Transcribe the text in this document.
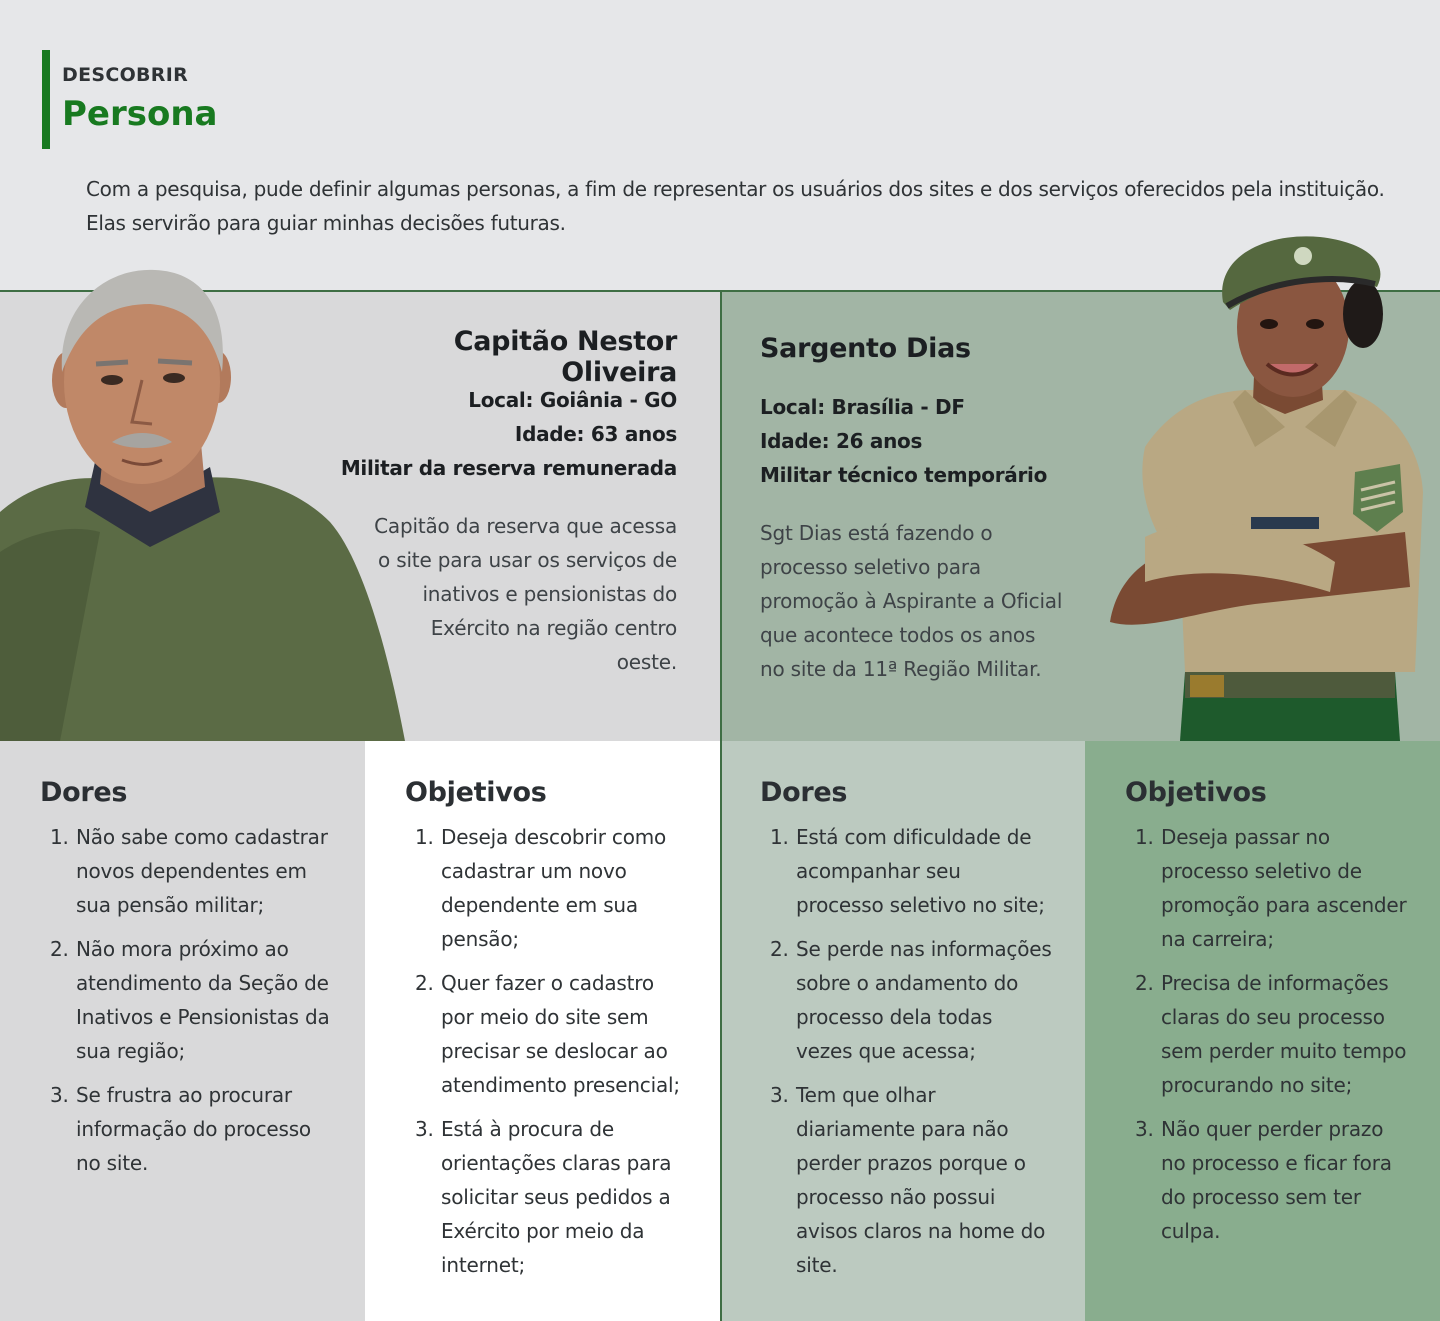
DESCOBRIR
Persona

Com a pesquisa, pude definir algumas personas, a fim de representar os usuários dos sites e dos serviços oferecidos pela instituição.

Elas servirão para guiar minhas decisões futuras.

Capitão Nestor Oliveira
Local: Goiânia - GO
Idade: 63 anos
Militar da reserva remunerada
Capitão da reserva que acessa
o site para usar os serviços de
inativos e pensionistas do
Exército na região centro
oeste.
Sargento Dias
Local: Brasília - DF
Idade: 26 anos
Militar técnico temporário
Sgt Dias está fazendo o
processo seletivo para
promoção à Aspirante a Oficial
que acontece todos os anos
no site da 11ª Região Militar.
Dores
1. Não sabe como cadastrar
novos dependentes em
sua pensão militar;
2. Não mora próximo ao
atendimento da Seção de
Inativos e Pensionistas da
sua região;
3. Se frustra ao procurar
informação do processo
no site.
Objetivos
1. Deseja descobrir como
cadastrar um novo
dependente em sua
pensão;
2. Quer fazer o cadastro
por meio do site sem
precisar se deslocar ao
atendimento presencial;
3. Está à procura de
orientações claras para
solicitar seus pedidos a
Exército por meio da
internet;
Dores
1. Está com dificuldade de
acompanhar seu
processo seletivo no site;
2. Se perde nas informações
sobre o andamento do
processo dela todas
vezes que acessa;
3. Tem que olhar
diariamente para não
perder prazos porque o
processo não possui
avisos claros na home do
site.
Objetivos
1. Deseja passar no
processo seletivo de
promoção para ascender
na carreira;
2. Precisa de informações
claras do seu processo
sem perder muito tempo
procurando no site;
3. Não quer perder prazo
no processo e ficar fora
do processo sem ter
culpa.
